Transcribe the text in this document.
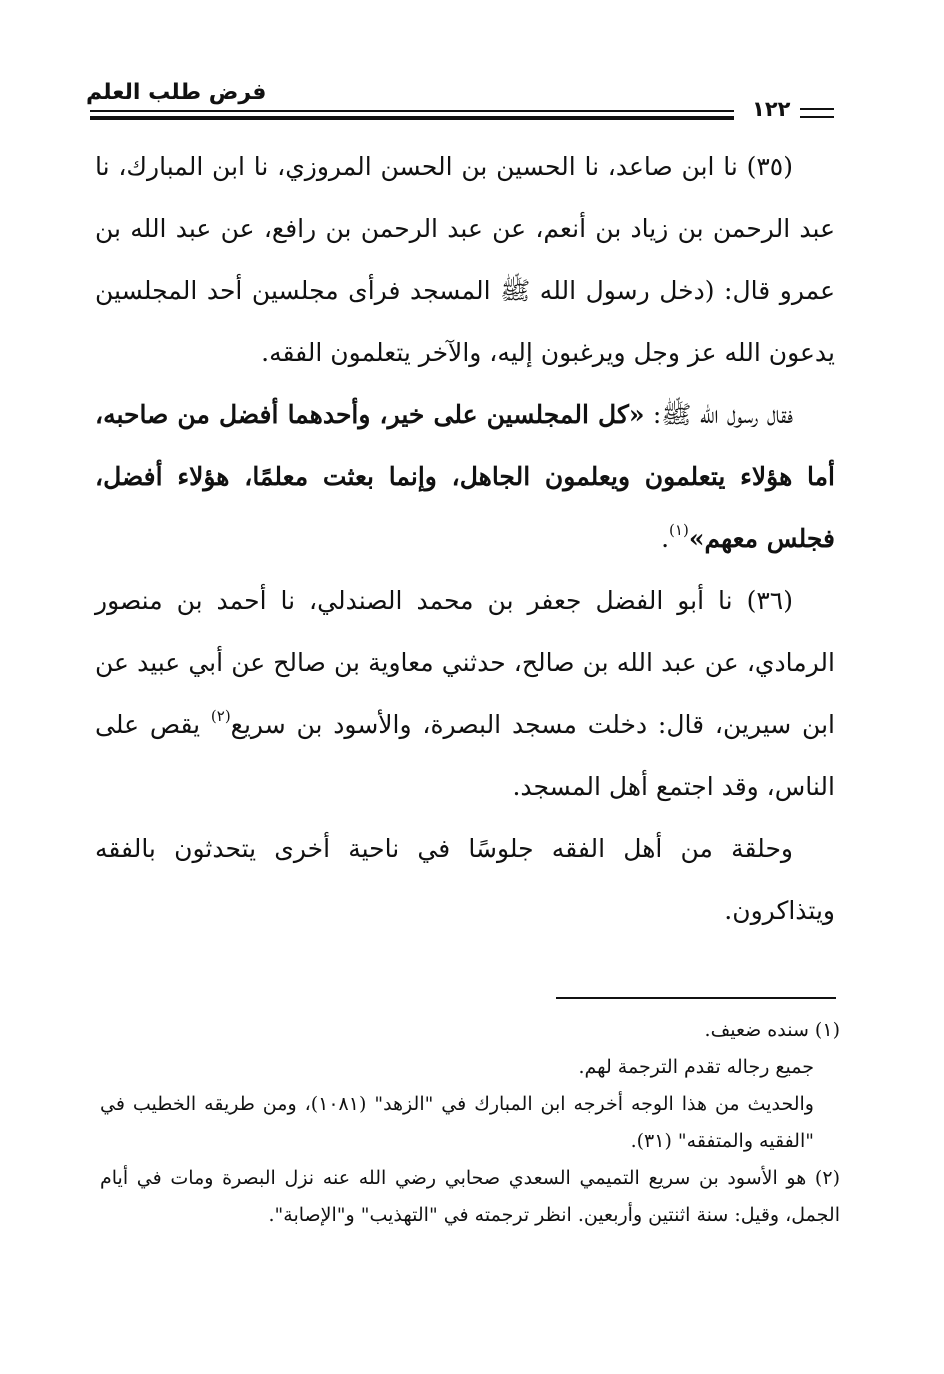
فرض طلب العلم
١٢٢

(٣٥) نا ابن صاعد، نا الحسين بن الحسن المروزي، نا ابن المبارك، نا عبد الرحمن بن زياد بن أنعم، عن عبد الرحمن بن رافع، عن عبد الله بن عمرو قال: (دخل رسول الله ﷺ المسجد فرأى مجلسين أحد المجلسين يدعون الله عز وجل ويرغبون إليه، والآخر يتعلمون الفقه.

فقال رسول الله ﷺ: «كل المجلسين على خير، وأحدهما أفضل من صاحبه، أما هؤلاء يتعلمون ويعلمون الجاهل، وإنما بعثت معلمًا، هؤلاء أفضل، فجلس معهم»$^{(١)}$.

(٣٦) نا أبو الفضل جعفر بن محمد الصندلي، نا أحمد بن منصور الرمادي، عن عبد الله بن صالح، حدثني معاوية بن صالح عن أبي عبيد عن ابن سيرين، قال: دخلت مسجد البصرة، والأسود بن سريع$^{(٢)}$ يقص على الناس، وقد اجتمع أهل المسجد.

وحلقة من أهل الفقه جلوسًا في ناحية أخرى يتحدثون بالفقه ويتذاكرون.

(١) سنده ضعيف.

جميع رجاله تقدم الترجمة لهم.

والحديث من هذا الوجه أخرجه ابن المبارك في "الزهد" (١٠٨١)، ومن طريقه الخطيب في "الفقيه والمتفقه" (٣١).

(٢) هو الأسود بن سريع التميمي السعدي صحابي رضي الله عنه نزل البصرة ومات في أيام الجمل، وقيل: سنة اثنتين وأربعين. انظر ترجمته في "التهذيب" و"الإصابة".
